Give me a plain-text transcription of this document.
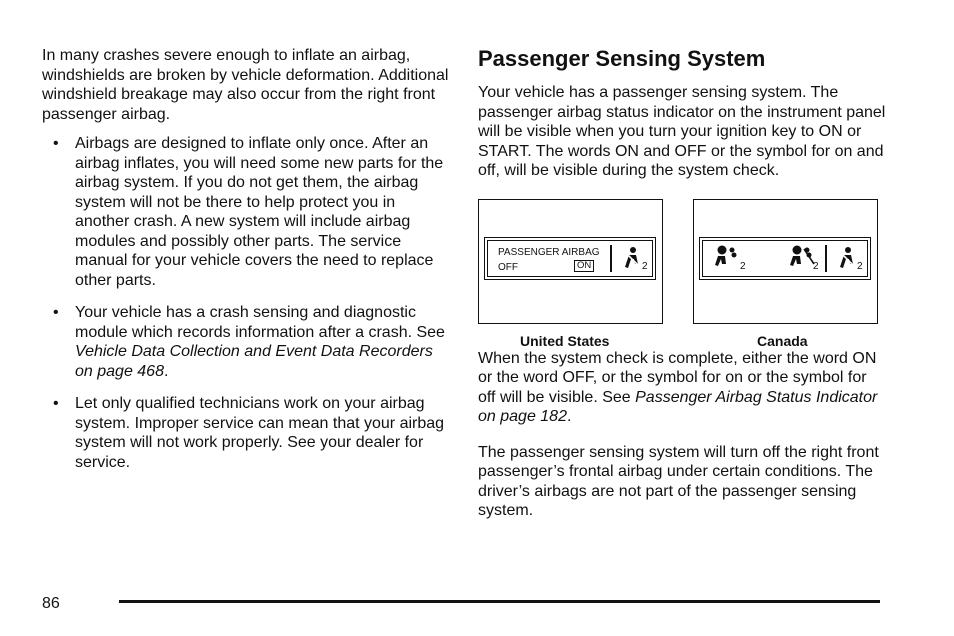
In many crashes severe enough to inflate an airbag, windshields are broken by vehicle deformation. Additional windshield breakage may also occur from the right front passenger airbag.

• Airbags are designed to inflate only once. After an airbag inflates, you will need some new parts for the airbag system. If you do not get them, the airbag system will not be there to help protect you in another crash. A new system will include airbag modules and possibly other parts. The service manual for your vehicle covers the need to replace other parts.
• Your vehicle has a crash sensing and diagnostic module which records information after a crash. See Vehicle Data Collection and Event Data Recorders on page 468.
• Let only qualified technicians work on your airbag system. Improper service can mean that your airbag system will not work properly. See your dealer for service.
Passenger Sensing System

Your vehicle has a passenger sensing system. The passenger airbag status indicator on the instrument panel will be visible when you turn your ignition key to ON or START. The words ON and OFF or the symbol for on and off, will be visible during the system check.

PASSENGER AIRBAG
OFF	ON	2	2	2	2
United States	Canada

When the system check is complete, either the word ON or the word OFF, or the symbol for on or the symbol for off will be visible. See Passenger Airbag Status Indicator on page 182.

The passenger sensing system will turn off the right front passenger’s frontal airbag under certain conditions. The driver’s airbags are not part of the passenger sensing system.

86
